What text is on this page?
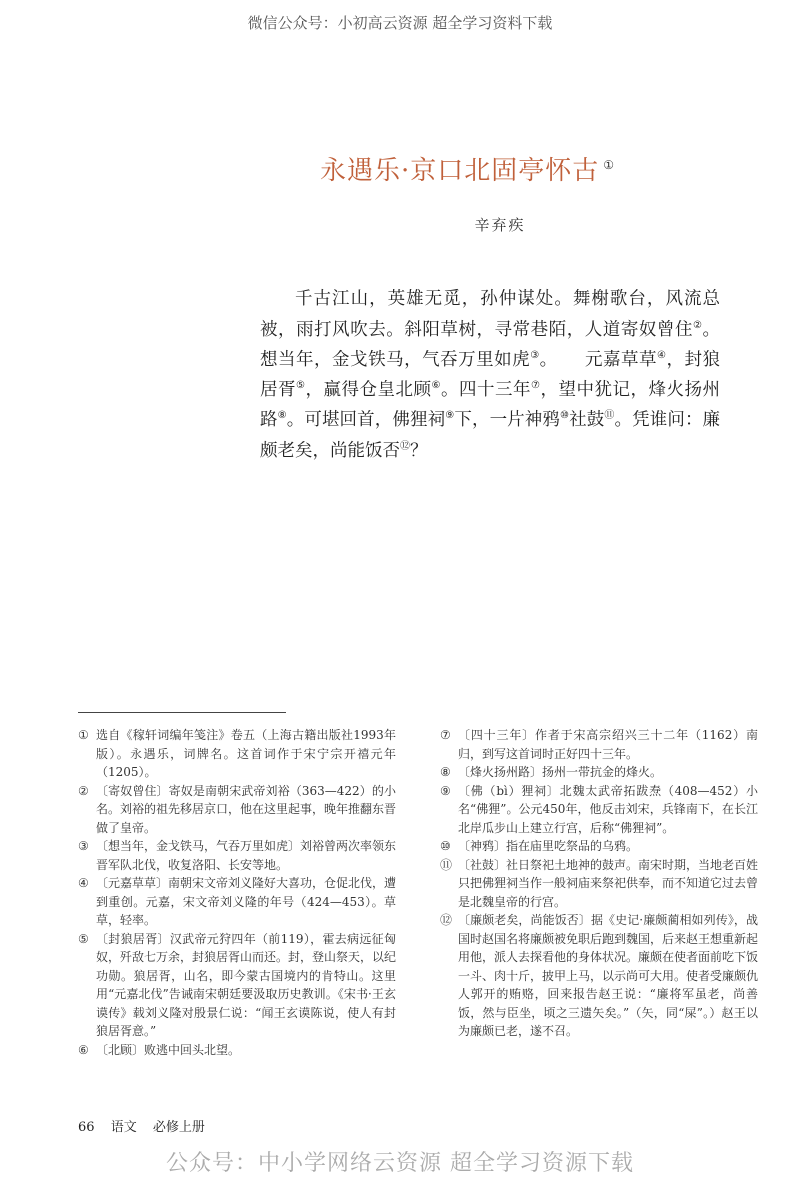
微信公众号：小初高云资源 超全学习资料下载
永遇乐·京口北固亭怀古 ①
辛弃疾
千古江山，英雄无觅，孙仲谋处。舞榭歌台，风流总被，雨打风吹去。斜阳草树，寻常巷陌，人道寄奴曾住②。想当年，金戈铁马，气吞万里如虎③。　　元嘉草草④，封狼居胥⑤，赢得仓皇北顾⑥。四十三年⑦，望中犹记，烽火扬州路⑧。可堪回首，佛狸祠⑨下，一片神鸦⑩社鼓⑪。凭谁问：廉颇老矣，尚能饭否⑫？
① 选自《稼轩词编年笺注》卷五（上海古籍出版社1993年版）。永遇乐，词牌名。这首词作于宋宁宗开禧元年（1205）。
② 〔寄奴曾住〕寄奴是南朝宋武帝刘裕（363—422）的小名。刘裕的祖先移居京口，他在这里起事，晚年推翻东晋做了皇帝。
③ 〔想当年，金戈铁马，气吞万里如虎〕刘裕曾两次率领东晋军队北伐，收复洛阳、长安等地。
④ 〔元嘉草草〕南朝宋文帝刘义隆好大喜功，仓促北伐，遭到重创。元嘉，宋文帝刘义隆的年号（424—453）。草草，轻率。
⑤ 〔封狼居胥〕汉武帝元狩四年（前119），霍去病远征匈奴，歼敌七万余，封狼居胥山而还。封，登山祭天，以纪功勋。狼居胥，山名，即今蒙古国境内的肯特山。这里用“元嘉北伐”告诫南宋朝廷要汲取历史教训。《宋书·王玄谟传》载刘义隆对殷景仁说：“闻王玄谟陈说，使人有封狼居胥意。”
⑥ 〔北顾〕败逃中回头北望。
⑦ 〔四十三年〕作者于宋高宗绍兴三十二年（1162）南归，到写这首词时正好四十三年。
⑧ 〔烽火扬州路〕扬州一带抗金的烽火。
⑨ 〔佛（bì）狸祠〕北魏太武帝拓跋焘（408—452）小名“佛狸”。公元450年，他反击刘宋，兵锋南下，在长江北岸瓜步山上建立行宫，后称“佛狸祠”。
⑩ 〔神鸦〕指在庙里吃祭品的乌鸦。
⑪ 〔社鼓〕社日祭祀土地神的鼓声。南宋时期，当地老百姓只把佛狸祠当作一般祠庙来祭祀供奉，而不知道它过去曾是北魏皇帝的行宫。
⑫ 〔廉颇老矣，尚能饭否〕据《史记·廉颇蔺相如列传》，战国时赵国名将廉颇被免职后跑到魏国，后来赵王想重新起用他，派人去探看他的身体状况。廉颇在使者面前吃下饭一斗、肉十斤，披甲上马，以示尚可大用。使者受廉颇仇人郭开的贿赂，回来报告赵王说：“廉将军虽老，尚善饭，然与臣坐，顷之三遗矢矣。”（矢，同“屎”。）赵王以为廉颇已老，遂不召。
66 语文 必修上册
公众号：中小学网络云资源 超全学习资源下载
